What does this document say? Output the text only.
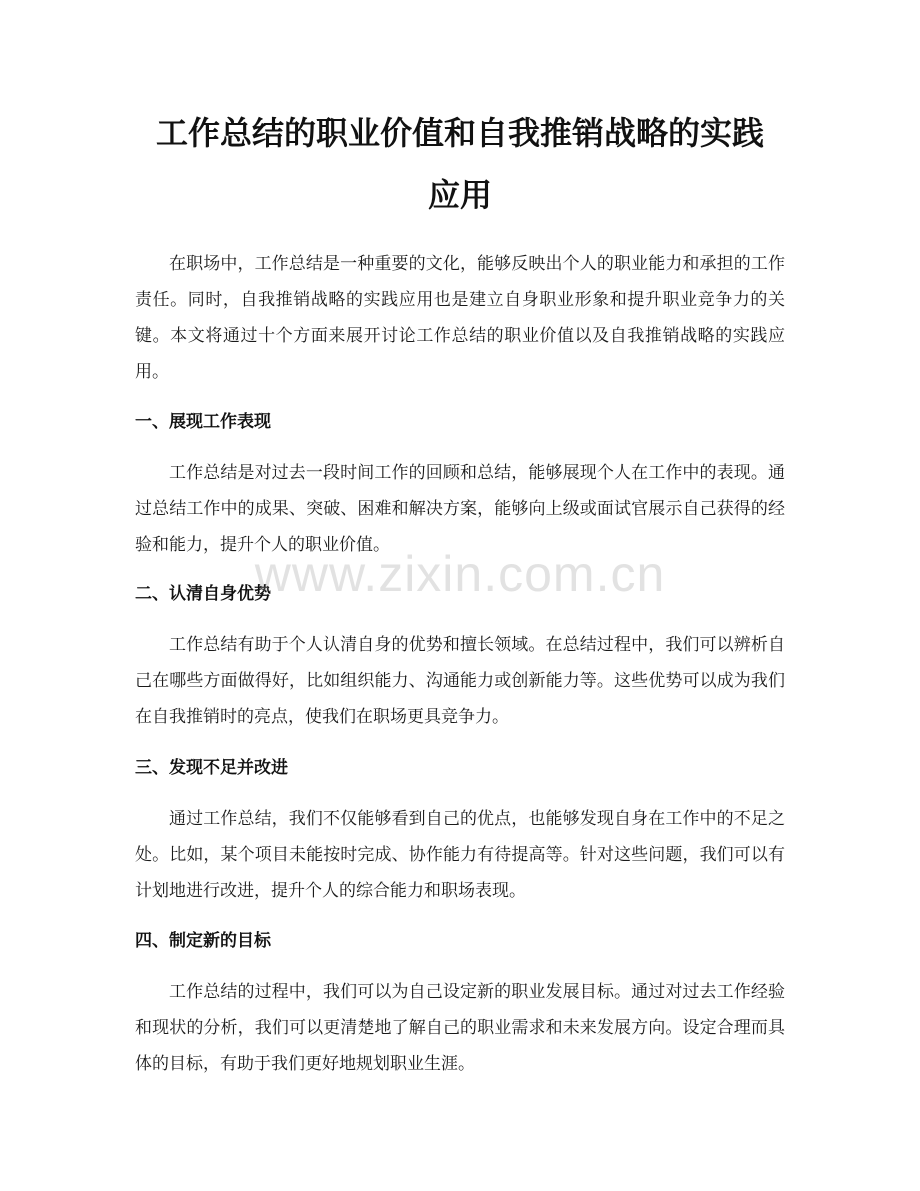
工作总结的职业价值和自我推销战略的实践
应用

在职场中，工作总结是一种重要的文化，能够反映出个人的职业能力和承担的工作责任。同时，自我推销战略的实践应用也是建立自身职业形象和提升职业竞争力的关键。本文将通过十个方面来展开讨论工作总结的职业价值以及自我推销战略的实践应用。

一、展现工作表现

工作总结是对过去一段时间工作的回顾和总结，能够展现个人在工作中的表现。通过总结工作中的成果、突破、困难和解决方案，能够向上级或面试官展示自己获得的经验和能力，提升个人的职业价值。

二、认清自身优势

工作总结有助于个人认清自身的优势和擅长领域。在总结过程中，我们可以辨析自己在哪些方面做得好，比如组织能力、沟通能力或创新能力等。这些优势可以成为我们在自我推销时的亮点，使我们在职场更具竞争力。

三、发现不足并改进

通过工作总结，我们不仅能够看到自己的优点，也能够发现自身在工作中的不足之处。比如，某个项目未能按时完成、协作能力有待提高等。针对这些问题，我们可以有计划地进行改进，提升个人的综合能力和职场表现。

四、制定新的目标

工作总结的过程中，我们可以为自己设定新的职业发展目标。通过对过去工作经验和现状的分析，我们可以更清楚地了解自己的职业需求和未来发展方向。设定合理而具体的目标，有助于我们更好地规划职业生涯。

www.zixin.com.cn
